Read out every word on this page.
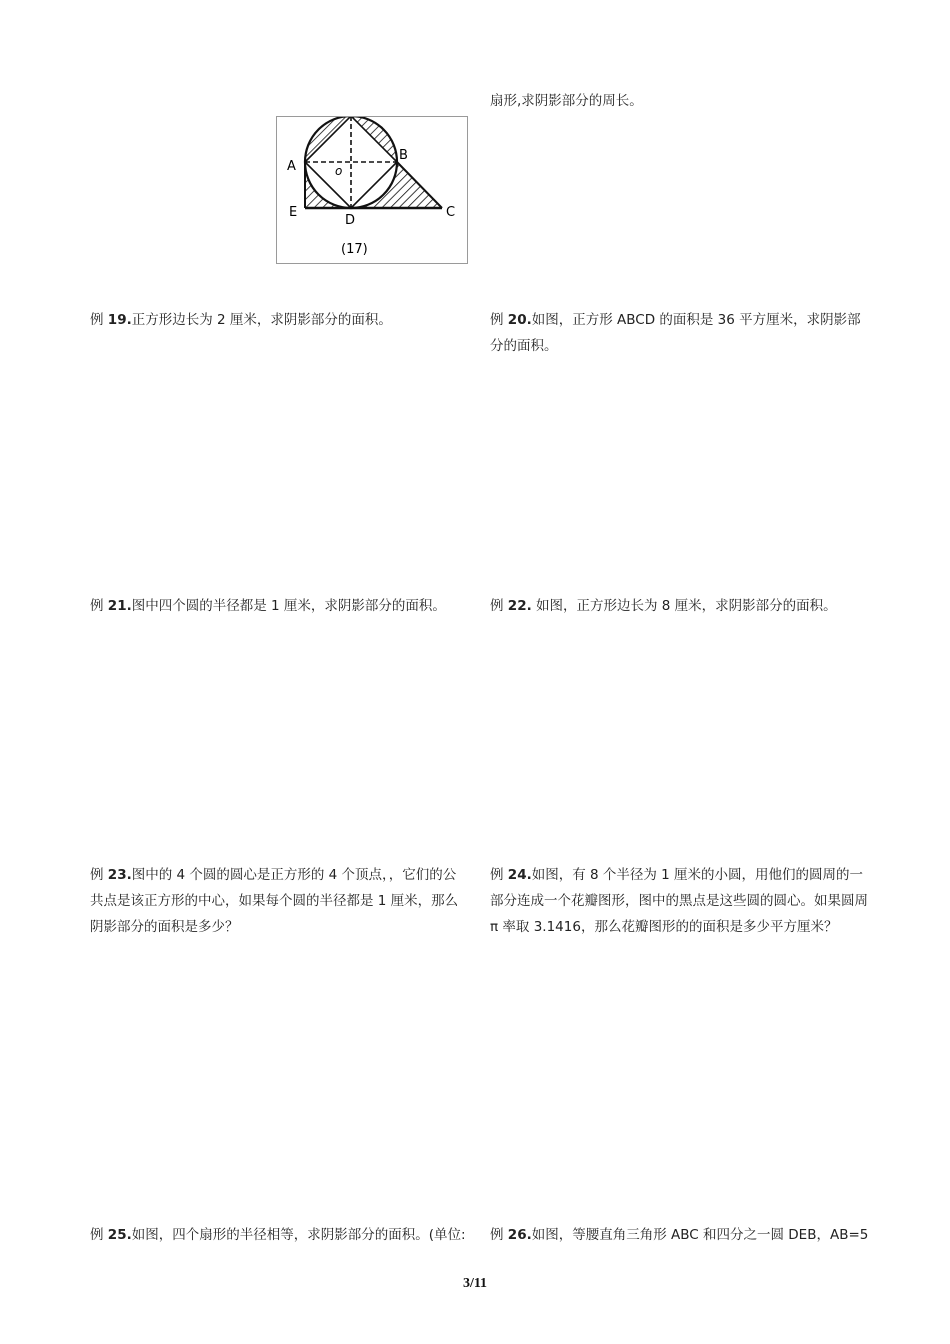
扇形,求阴影部分的周长。
A
B
C
D
E
o
(17)
例 19.正方形边长为 2 厘米，求阴影部分的面积。	例 20.如图，正方形 ABCD 的面积是 36 平方厘米，求阴影部分的面积。
例 21.图中四个圆的半径都是 1 厘米，求阴影部分的面积。	例 22. 如图，正方形边长为 8 厘米，求阴影部分的面积。
例 23.图中的 4 个圆的圆心是正方形的 4 个顶点，，它们的公共点是该正方形的中心，如果每个圆的半径都是 1 厘米，那么阴影部分的面积是多少？
例 24.如图，有 8 个半径为 1 厘米的小圆，用他们的圆周的一部分连成一个花瓣图形，图中的黑点是这些圆的圆心。如果圆周 π 率取 3.1416，那么花瓣图形的的面积是多少平方厘米？
例 25.如图，四个扇形的半径相等，求阴影部分的面积。(单位:	例 26.如图，等腰直角三角形 ABC 和四分之一圆 DEB，AB=5
3/11
